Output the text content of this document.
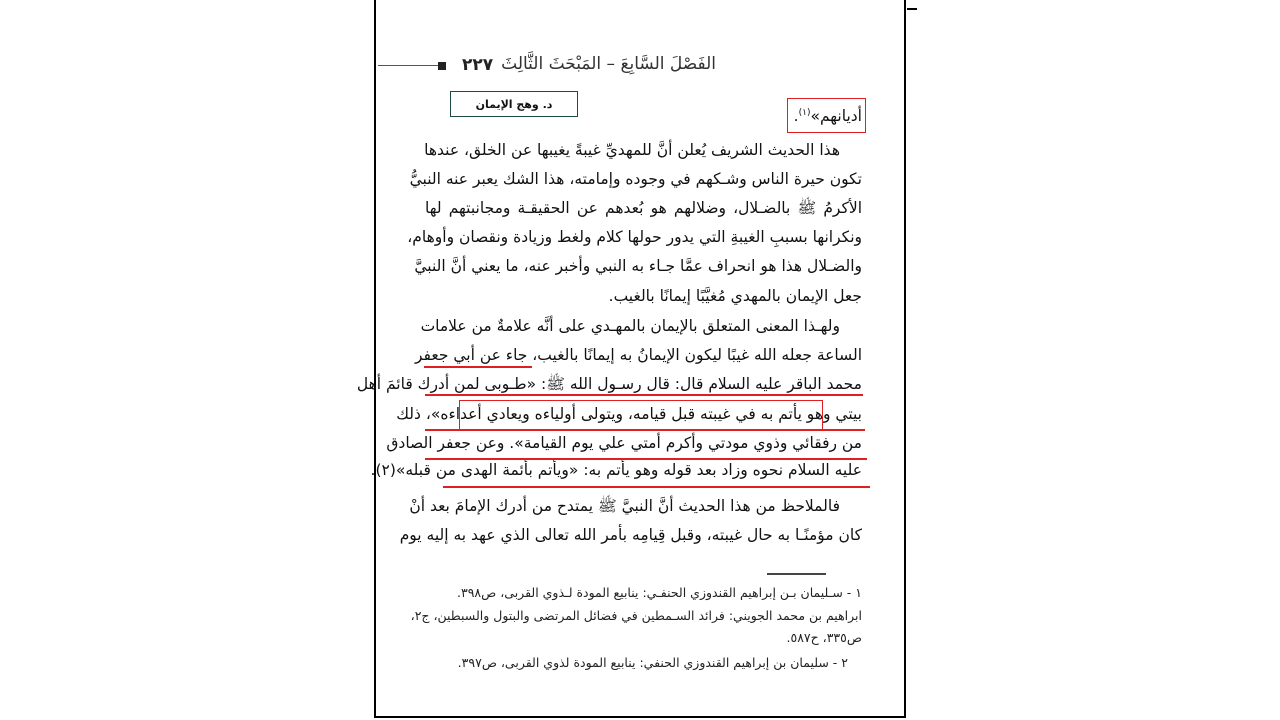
٢٢٧ الفَصْلَ السَّابِعَ – المَبْحَثَ الثَّالِثَ
د. وهج الإيمان
أديانهم»$^{(١)}$.
هذا الحديث الشريف يُعلن أنَّ للمهديِّ غيبةً يغيبها عن الخلق، عندها
تكون حيرة الناس وشـكهم في وجوده وإمامته، هذا الشك يعبر عنه النبيُّ
الأكرمُ ﷺ بالضـلال، وضلالهم هو بُعدهم عن الحقيقـة ومجانبتهم لها
ونكرانها بسببِ الغيبةِ التي يدور حولها كلام ولغط وزيادة ونقصان وأوهام،
والضـلال هذا هو انحراف عمَّا جـاء به النبي وأخبر عنه، ما يعني أنَّ النبيَّ
جعل الإيمان بالمهدي مُغيَّبًا إيمانًا بالغيب.
ولهـذا المعنى المتعلق بالإيمان بالمهـدي على أنَّه علامةٌ من علامات
الساعة جعله الله غيبًا ليكون الإيمانُ به إيمانًا بالغيب، جاء عن أبي جعفر
محمد الباقر عليه السلام قال: قال رسـول الله ﷺ: «طـوبى لمن أدرك قائمَ أهل
بيتي وهو يأتم به في غيبته قبل قيامه، ويتولى أولياءه ويعادي أعداءه»، ذلك
من رفقائي وذوي مودتي وأكرم أمتي علي يوم القيامة». وعن جعفر الصادق
عليه السلام نحوه وزاد بعد قوله وهو يأتم به: «ويأتم بأئمة الهدى من قبله»(٢).
فالملاحظ من هذا الحديث أنَّ النبيَّ ﷺ يمتدح من أدرك الإمامَ بعد أنْ
كان مؤمنًـا به حال غيبته، وقبل قِيامِه بأمر الله تعالى الذي عهد به إليه يوم
١ - سـليمان بـن إبراهيم القندوزي الحنفـي: ينابيع المودة لـذوي القربى، ص٣٩٨.
ابراهيم بن محمد الجويني: فرائد السـمطين في فضائل المرتضى والبتول والسبطين، ج٢،
ص٣٣٥، ح٥٨٧.
٢ - سليمان بن إبراهيم القندوزي الحنفي: ينابيع المودة لذوي القربى، ص٣٩٧.
